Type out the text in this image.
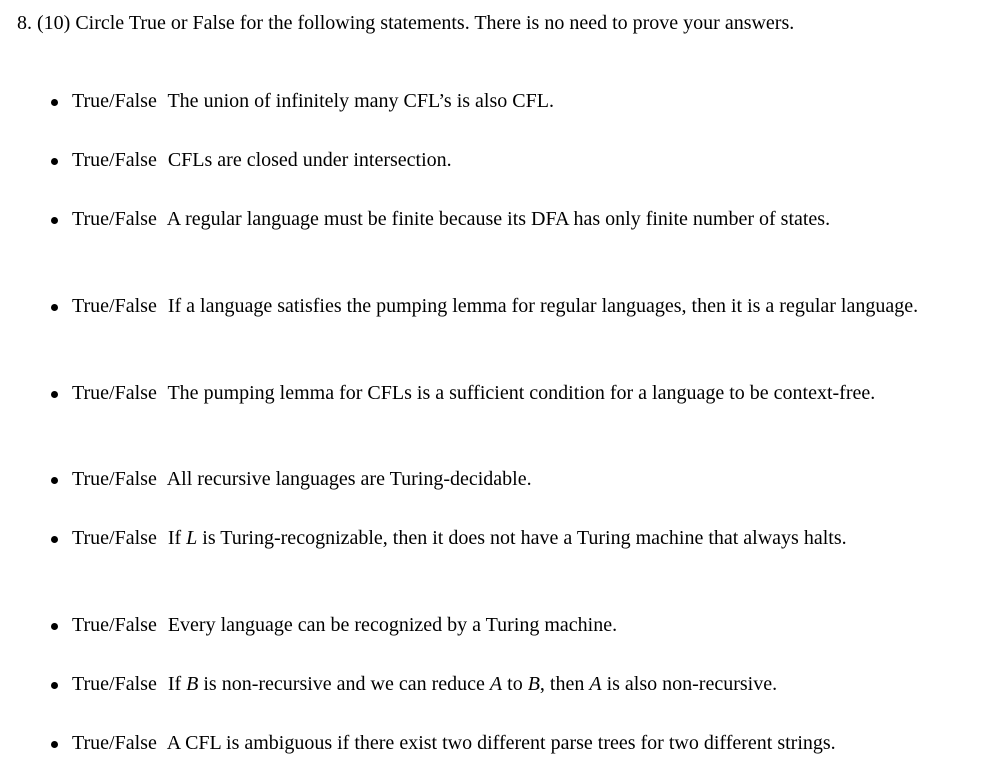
8. (10) Circle True or False for the following statements. There is no need to prove your answers.
True/False The union of infinitely many CFL’s is also CFL.
True/False CFLs are closed under intersection.
True/False A regular language must be finite because its DFA has only finite number of states.
True/False If a language satisfies the pumping lemma for regular languages, then it is a regular language.
True/False The pumping lemma for CFLs is a sufficient condition for a language to be context-free.
True/False All recursive languages are Turing-decidable.
True/False If L is Turing-recognizable, then it does not have a Turing machine that always halts.
True/False Every language can be recognized by a Turing machine.
True/False If B is non-recursive and we can reduce A to B, then A is also non-recursive.
True/False A CFL is ambiguous if there exist two different parse trees for two different strings.
